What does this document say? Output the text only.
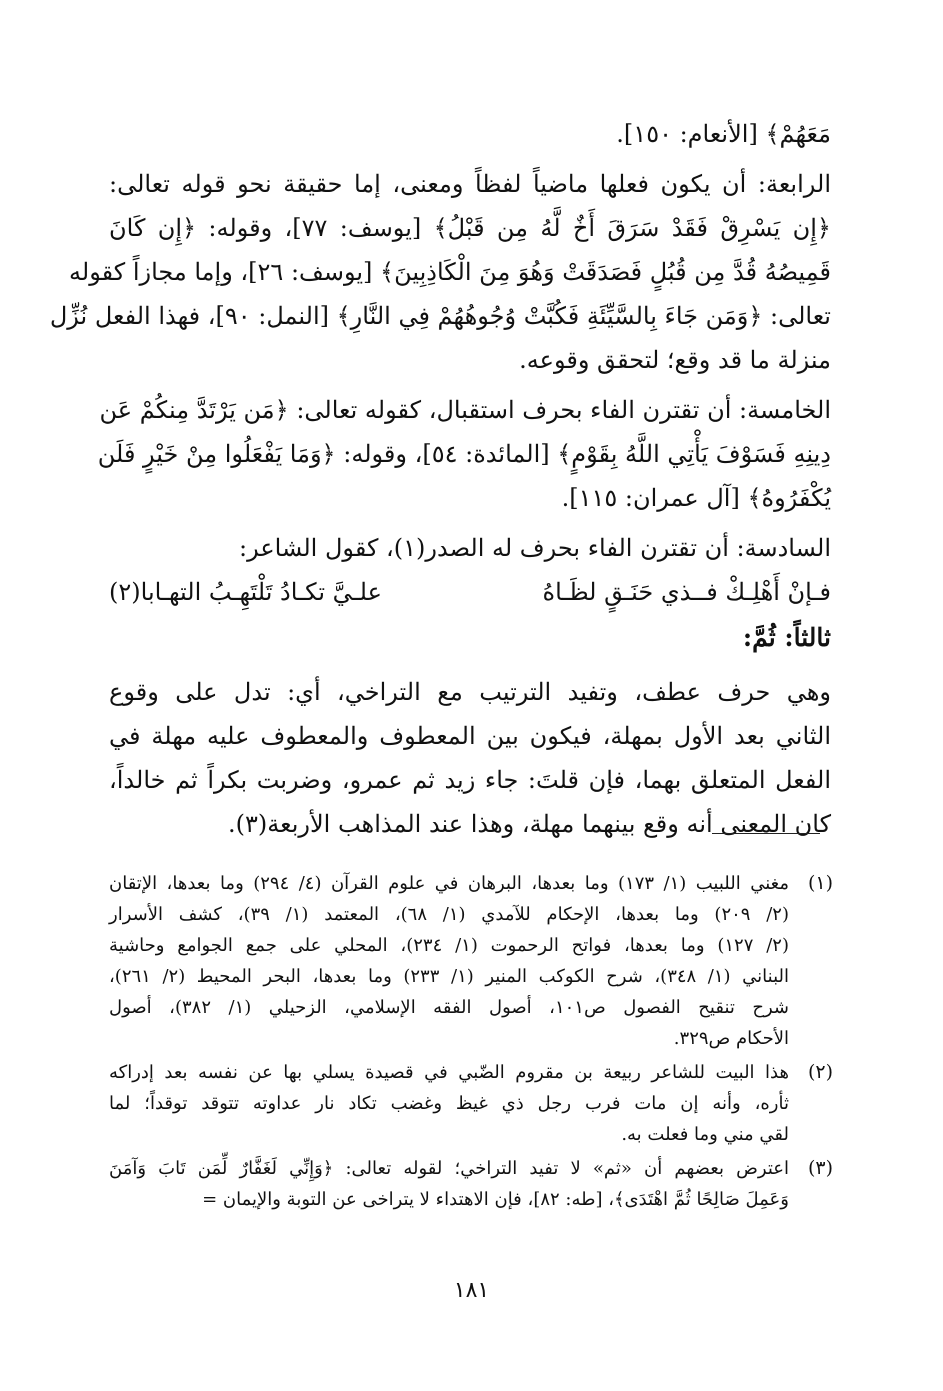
مَعَهُمْ﴾ [الأنعام: ١٥٠].
الرابعة: أن يكون فعلها ماضياً لفظاً ومعنى، إما حقيقة نحو قوله تعالى:
﴿إِن يَسْرِقْ فَقَدْ سَرَقَ أَخٌ لَّهُ مِن قَبْلُ﴾ [يوسف: ٧٧]، وقوله: ﴿إِن كَانَ
قَمِيصُهُ قُدَّ مِن قُبُلٍ فَصَدَقَتْ وَهُوَ مِنَ الْكَاذِبِينَ﴾ [يوسف: ٢٦]، وإما مجازاً كقوله
تعالى: ﴿وَمَن جَاءَ بِالسَّيِّئَةِ فَكُبَّتْ وُجُوهُهُمْ فِي النَّارِ﴾ [النمل: ٩٠]، فهذا الفعل نُزِّل
منزلة ما قد وقع؛ لتحقق وقوعه.
الخامسة: أن تقترن الفاء بحرف استقبال، كقوله تعالى: ﴿مَن يَرْتَدَّ مِنكُمْ عَن
دِينِهِ فَسَوْفَ يَأْتِي اللَّهُ بِقَوْمٍ﴾ [المائدة: ٥٤]، وقوله: ﴿وَمَا يَفْعَلُوا مِنْ خَيْرٍ فَلَن
يُكْفَرُوهُ﴾ [آل عمران: ١١٥].
السادسة: أن تقترن الفاء بحرف له الصدر(١)، كقول الشاعر:
فـإنْ أَهْلِـكْ فــذي حَنَـقٍ لظَـاهُ
علـيَّ تكـادُ تَلْتَهِـبُ التهـابا(٢)
ثالثاً: ثُمَّ:
وهي حرف عطف، وتفيد الترتيب مع التراخي، أي: تدل على وقوع
الثاني بعد الأول بمهلة، فيكون بين المعطوف والمعطوف عليه مهلة في
الفعل المتعلق بهما، فإن قلتَ: جاء زيد ثم عمرو، وضربت بكراً ثم خالداً،
كان المعنى أنه وقع بينهما مهلة، وهذا عند المذاهب الأربعة(٣).
(١)
مغني اللبيب (١/ ١٧٣) وما بعدها، البرهان في علوم القرآن (٤/ ٢٩٤) وما بعدها، الإتقان
(٢/ ٢٠٩) وما بعدها، الإحكام للآمدي (١/ ٦٨)، المعتمد (١/ ٣٩)، كشف الأسرار
(٢/ ١٢٧) وما بعدها، فواتح الرحموت (١/ ٢٣٤)، المحلي على جمع الجوامع وحاشية
البناني (١/ ٣٤٨)، شرح الكوكب المنير (١/ ٢٣٣) وما بعدها، البحر المحيط (٢/ ٢٦١)،
شرح تنقيح الفصول ص١٠١، أصول الفقه الإسلامي، الزحيلي (١/ ٣٨٢)، أصول
الأحكام ص٣٢٩.
(٢)
هذا البيت للشاعر ربيعة بن مقروم الضّبي في قصيدة يسلي بها عن نفسه بعد إدراكه
ثأره، وأنه إن مات فرب رجل ذي غيظ وغضب تكاد نار عداوته تتوقد توقداً؛ لما
لقي مني وما فعلت به.
(٣)
اعترض بعضهم أن «ثم» لا تفيد التراخي؛ لقوله تعالى: ﴿وَإِنِّي لَغَفَّارٌ لِّمَن تَابَ وَآمَنَ
وَعَمِلَ صَالِحًا ثُمَّ اهْتَدَى﴾، [طه: ٨٢]، فإن الاهتداء لا يتراخى عن التوبة والإيمان =
١٨١
